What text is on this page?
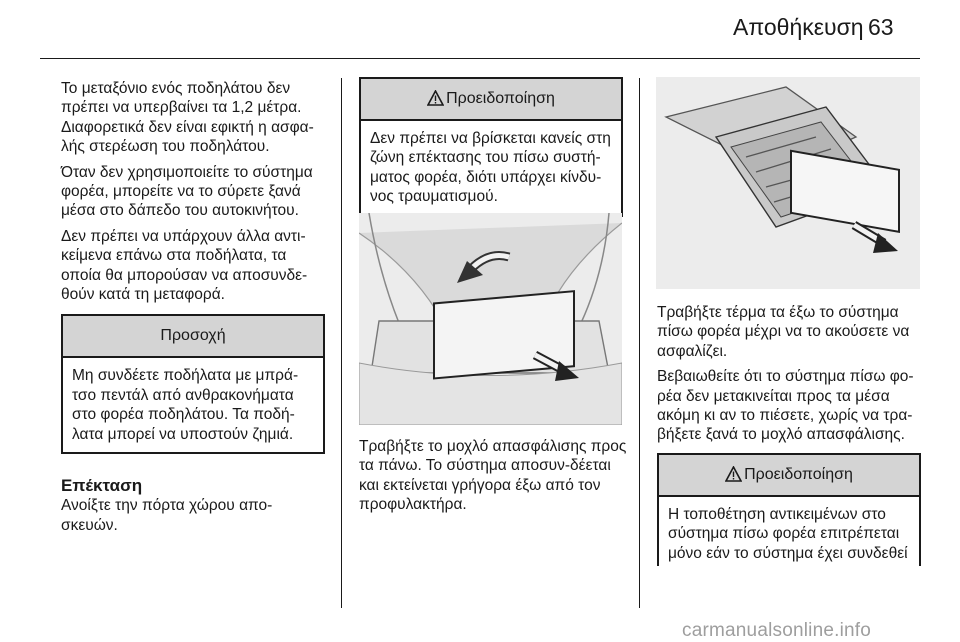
Αποθήκευση 63

Το μεταξόνιο ενός ποδηλάτου δεν πρέπει να υπερβαίνει τα 1,2 μέτρα. Διαφορετικά δεν είναι εφικτή η ασφα-λής στερέωση του ποδηλάτου.

Όταν δεν χρησιμοποιείτε το σύστημα φορέα, μπορείτε να το σύρετε ξανά μέσα στο δάπεδο του αυτοκινήτου.

Δεν πρέπει να υπάρχουν άλλα αντι-κείμενα επάνω στα ποδήλατα, τα οποία θα μπορούσαν να αποσυνδε-θούν κατά τη μεταφορά.

Προσοχή
Μη συνδέετε ποδήλατα με μπρά-τσο πεντάλ από ανθρακονήματα στο φορέα ποδηλάτου. Τα ποδή-λατα μπορεί να υποστούν ζημιά.
Επέκταση

Ανοίξτε την πόρτα χώρου απο-σκευών.

Προειδοποίηση
Δεν πρέπει να βρίσκεται κανείς στη ζώνη επέκτασης του πίσω συστή-ματος φορέα, διότι υπάρχει κίνδυ-νος τραυματισμού.

Τραβήξτε το μοχλό απασφάλισης προς τα πάνω. Το σύστημα αποσυν-δέεται και εκτείνεται γρήγορα έξω από τον προφυλακτήρα.

Τραβήξτε τέρμα τα έξω το σύστημα πίσω φορέα μέχρι να το ακούσετε να ασφαλίζει.

Βεβαιωθείτε ότι το σύστημα πίσω φο-ρέα δεν μετακινείται προς τα μέσα ακόμη κι αν το πιέσετε, χωρίς να τρα-βήξετε ξανά το μοχλό απασφάλισης.

Προειδοποίηση
Η τοποθέτηση αντικειμένων στο σύστημα πίσω φορέα επιτρέπεται μόνο εάν το σύστημα έχει συνδεθεί
carmanualsonline.info
